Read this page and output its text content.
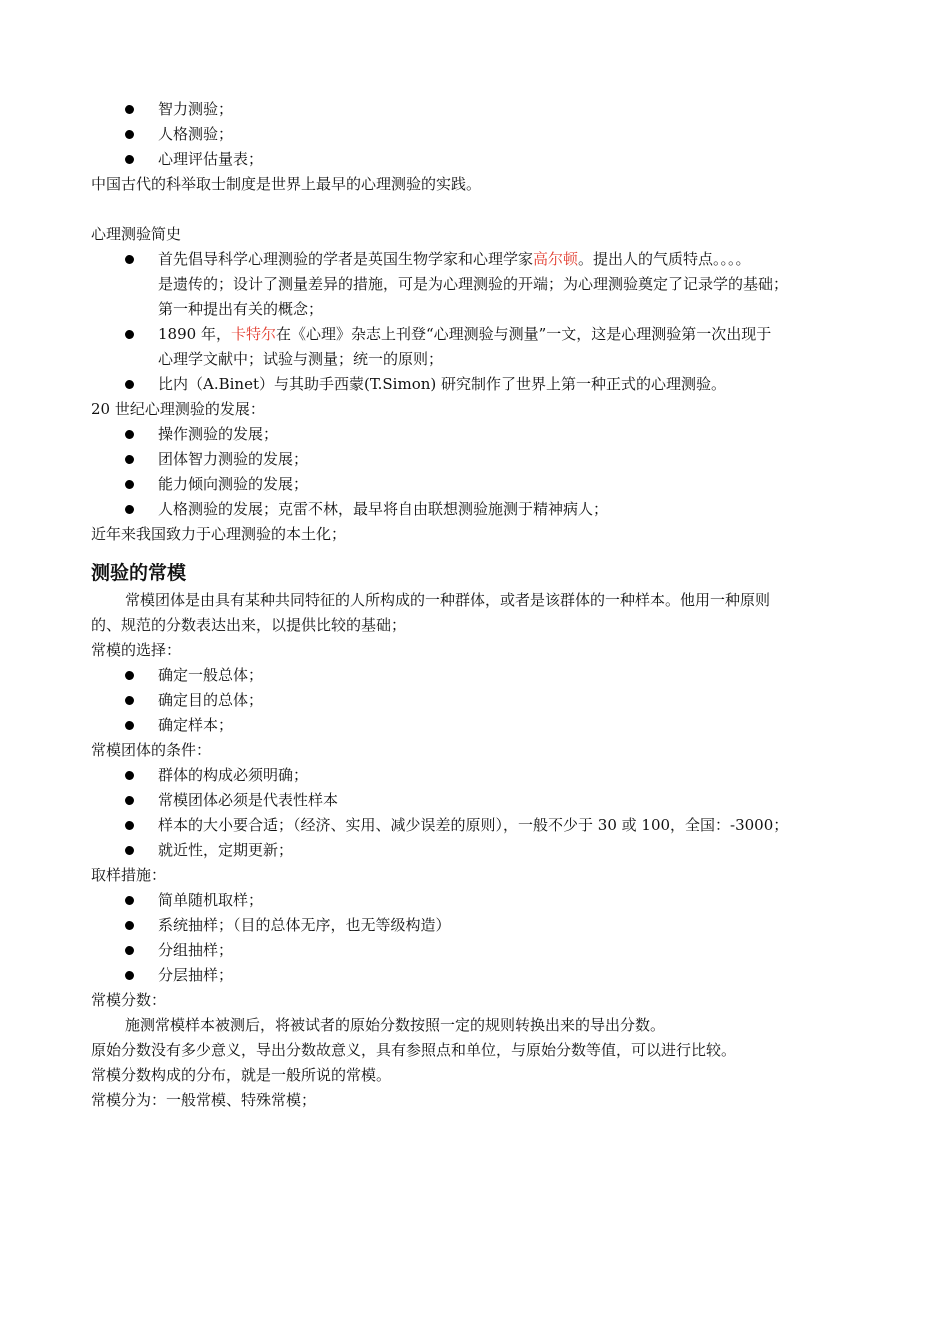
智力测验；
人格测验；
心理评估量表；
中国古代的科举取士制度是世界上最早的心理测验的实践。
心理测验简史
首先倡导科学心理测验的学者是英国生物学家和心理学家高尔顿。提出人的气质特点。。。。
是遗传的；设计了测量差异的措施，可是为心理测验的开端；为心理测验奠定了记录学的基础；
第一种提出有关的概念；
1890 年，卡特尔在《心理》杂志上刊登“心理测验与测量”一文，这是心理测验第一次出现于
心理学文献中；试验与测量；统一的原则；
比内（A.Binet）与其助手西蒙(T.Simon) 研究制作了世界上第一种正式的心理测验。
20 世纪心理测验的发展：
操作测验的发展；
团体智力测验的发展；
能力倾向测验的发展；
人格测验的发展；克雷不林，最早将自由联想测验施测于精神病人；
近年来我国致力于心理测验的本土化；
测验的常模
常模团体是由具有某种共同特征的人所构成的一种群体，或者是该群体的一种样本。他用一种原则
的、规范的分数表达出来，以提供比较的基础；
常模的选择：
确定一般总体；
确定目的总体；
确定样本；
常模团体的条件：
群体的构成必须明确；
常模团体必须是代表性样本
样本的大小要合适；（经济、实用、减少误差的原则），一般不少于 30 或 100，全国：-3000；
就近性，定期更新；
取样措施：
简单随机取样；
系统抽样；（目的总体无序，也无等级构造）
分组抽样；
分层抽样；
常模分数：
施测常模样本被测后，将被试者的原始分数按照一定的规则转换出来的导出分数。
原始分数没有多少意义，导出分数故意义，具有参照点和单位，与原始分数等值，可以进行比较。
常模分数构成的分布，就是一般所说的常模。
常模分为：一般常模、特殊常模；
